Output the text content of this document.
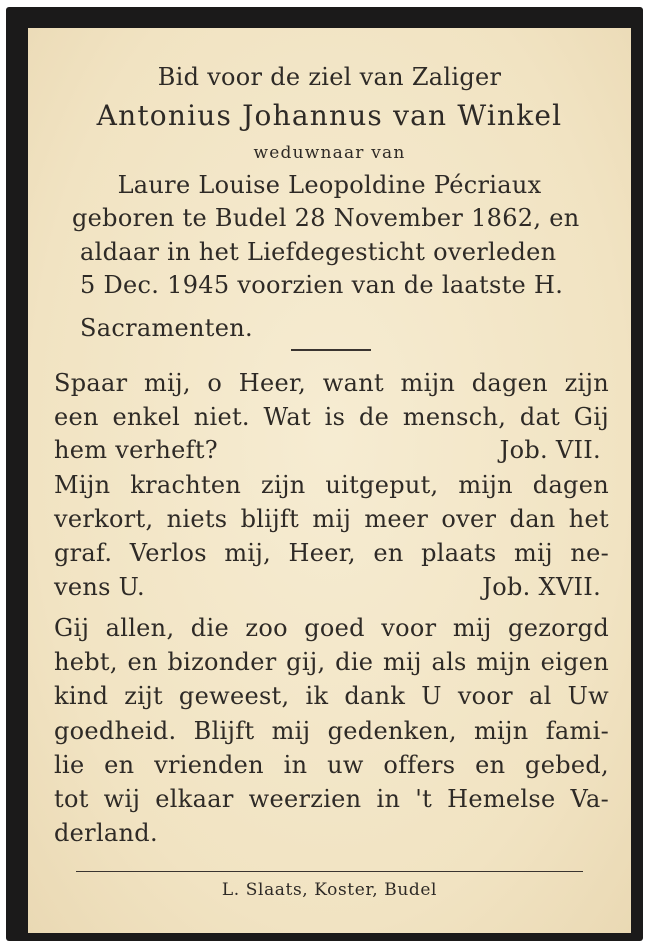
Bid voor de ziel van Zaliger
Antonius Johannus van Winkel
weduwnaar van
Laure Louise Leopoldine Pécriaux
geboren te Budel 28 November 1862, en
aldaar in het Liefdegesticht overleden
5 Dec. 1945 voorzien van de laatste H.
Sacramenten.
Spaar mij, o Heer, want mijn dagen zijn
een enkel niet. Wat is de mensch, dat Gij
hem verheft?	Job. VII.
Mijn krachten zijn uitgeput, mijn dagen
verkort, niets blijft mij meer over dan het
graf. Verlos mij, Heer, en plaats mij ne-
vens U.	Job. XVII.
Gij allen, die zoo goed voor mij gezorgd
hebt, en bizonder gij, die mij als mijn eigen
kind zijt geweest, ik dank U voor al Uw
goedheid. Blijft mij gedenken, mijn fami-
lie en vrienden in uw offers en gebed,
tot wij elkaar weerzien in 't Hemelse Va-
derland.
L. Slaats, Koster, Budel
